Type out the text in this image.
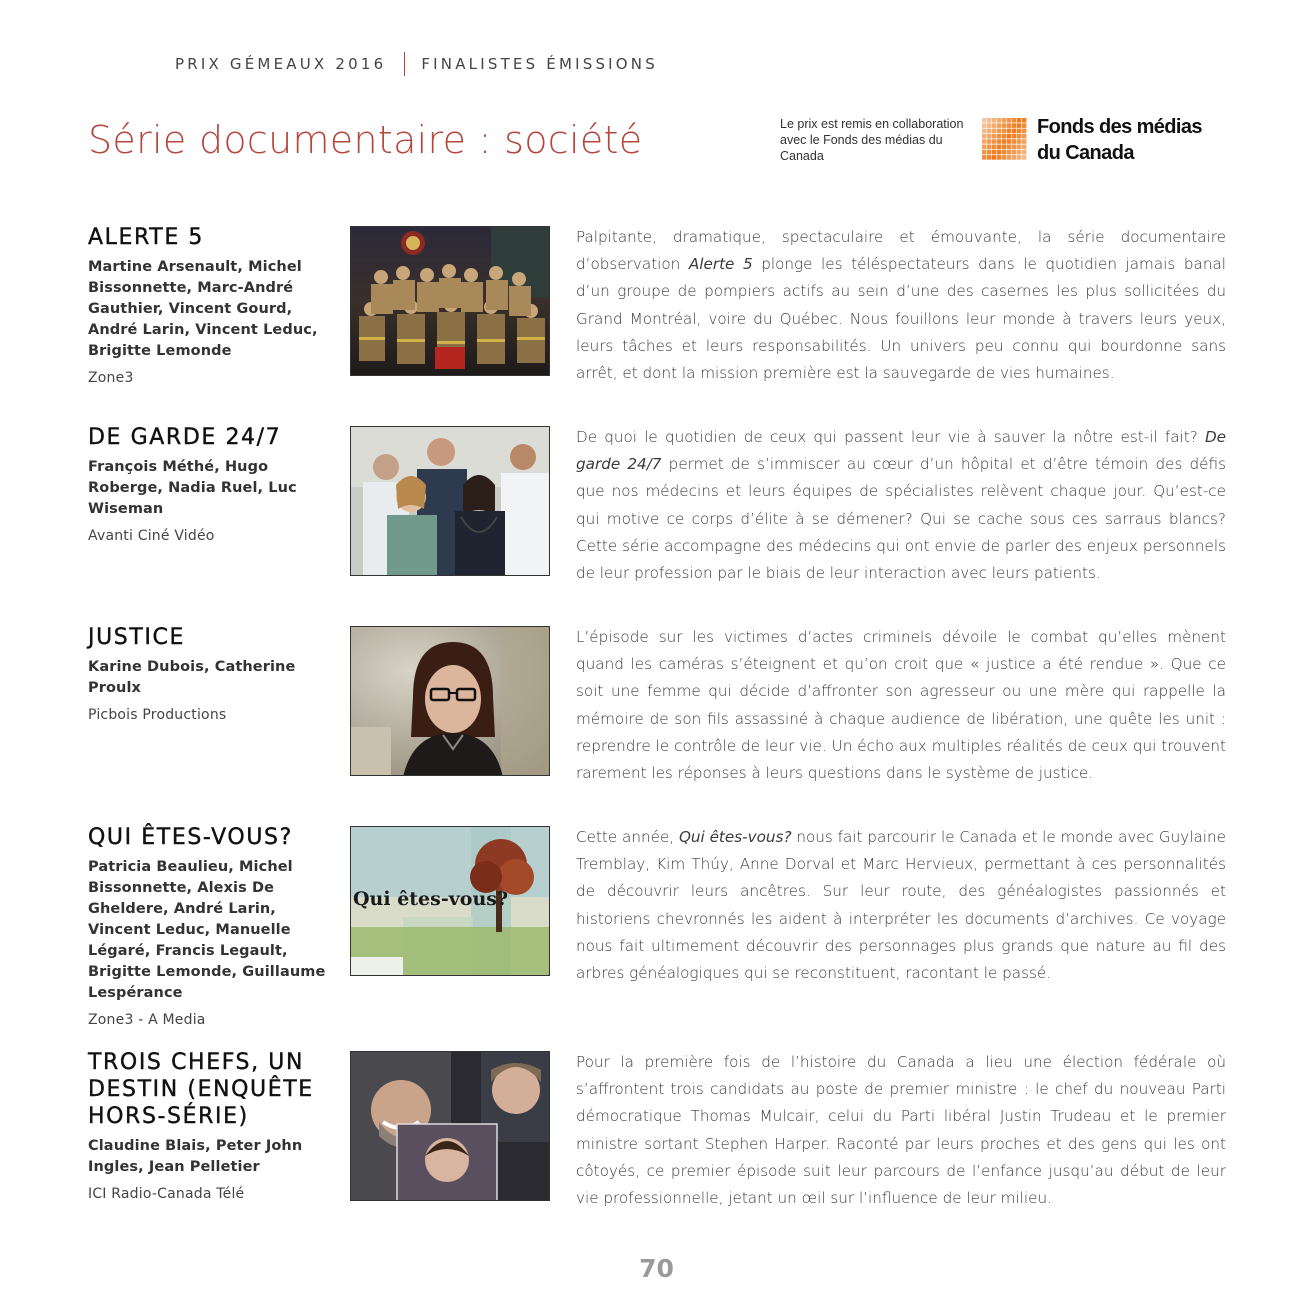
PRIX GÉMEAUX 2016 FINALISTES ÉMISSIONS
Série documentaire : société	Le prix est remis en collaboration avec le Fonds des médias du Canada
Fonds des médias
du Canada
ALERTE 5
Martine Arsenault, Michel Bissonnette, Marc-André Gauthier, Vincent Gourd, André Larin, Vincent Leduc, Brigitte Lemonde
Zone3

Palpitante, dramatique, spectaculaire et émouvante, la série documentaire d’observation Alerte 5 plonge les téléspectateurs dans le quotidien jamais banal d’un groupe de pompiers actifs au sein d’une des casernes les plus sollicitées du Grand Montréal, voire du Québec. Nous fouillons leur monde à travers leurs yeux, leurs tâches et leurs responsabilités. Un univers peu connu qui bourdonne sans arrêt, et dont la mission première est la sauvegarde de vies humaines.

DE GARDE 24/7
François Méthé, Hugo Roberge, Nadia Ruel, Luc Wiseman
Avanti Ciné Vidéo

De quoi le quotidien de ceux qui passent leur vie à sauver la nôtre est-il fait? De garde 24/7 permet de s’immiscer au cœur d’un hôpital et d’être témoin des défis que nos médecins et leurs équipes de spécialistes relèvent chaque jour. Qu’est-ce qui motive ce corps d’élite à se démener? Qui se cache sous ces sarraus blancs? Cette série accompagne des médecins qui ont envie de parler des enjeux personnels de leur profession par le biais de leur interaction avec leurs patients.

JUSTICE
Karine Dubois, Catherine Proulx
Picbois Productions

L’épisode sur les victimes d’actes criminels dévoile le combat qu’elles mènent quand les caméras s’éteignent et qu’on croit que « justice a été rendue ». Que ce soit une femme qui décide d’affronter son agresseur ou une mère qui rappelle la mémoire de son fils assassiné à chaque audience de libération, une quête les unit : reprendre le contrôle de leur vie. Un écho aux multiples réalités de ceux qui trouvent rarement les réponses à leurs questions dans le système de justice.

QUI ÊTES-VOUS?
Patricia Beaulieu, Michel Bissonnette, Alexis De Gheldere, André Larin, Vincent Leduc, Manuelle Légaré, Francis Legault, Brigitte Lemonde, Guillaume Lespérance
Zone3 - A Media
Qui êtes-vous?

Cette année, Qui êtes-vous? nous fait parcourir le Canada et le monde avec Guylaine Tremblay, Kim Thúy, Anne Dorval et Marc Hervieux, permettant à ces personnalités de découvrir leurs ancêtres. Sur leur route, des généalogistes passionnés et historiens chevronnés les aident à interpréter les documents d’archives. Ce voyage nous fait ultimement découvrir des personnages plus grands que nature au fil des arbres généalogiques qui se reconstituent, racontant le passé.

TROIS CHEFS, UN DESTIN (ENQUÊTE HORS-SÉRIE)
Claudine Blais, Peter John Ingles, Jean Pelletier
ICI Radio-Canada Télé

Pour la première fois de l’histoire du Canada a lieu une élection fédérale où s’affrontent trois candidats au poste de premier ministre : le chef du nouveau Parti démocratique Thomas Mulcair, celui du Parti libéral Justin Trudeau et le premier ministre sortant Stephen Harper. Raconté par leurs proches et des gens qui les ont côtoyés, ce premier épisode suit leur parcours de l’enfance jusqu’au début de leur vie professionnelle, jetant un œil sur l’influence de leur milieu.

70
